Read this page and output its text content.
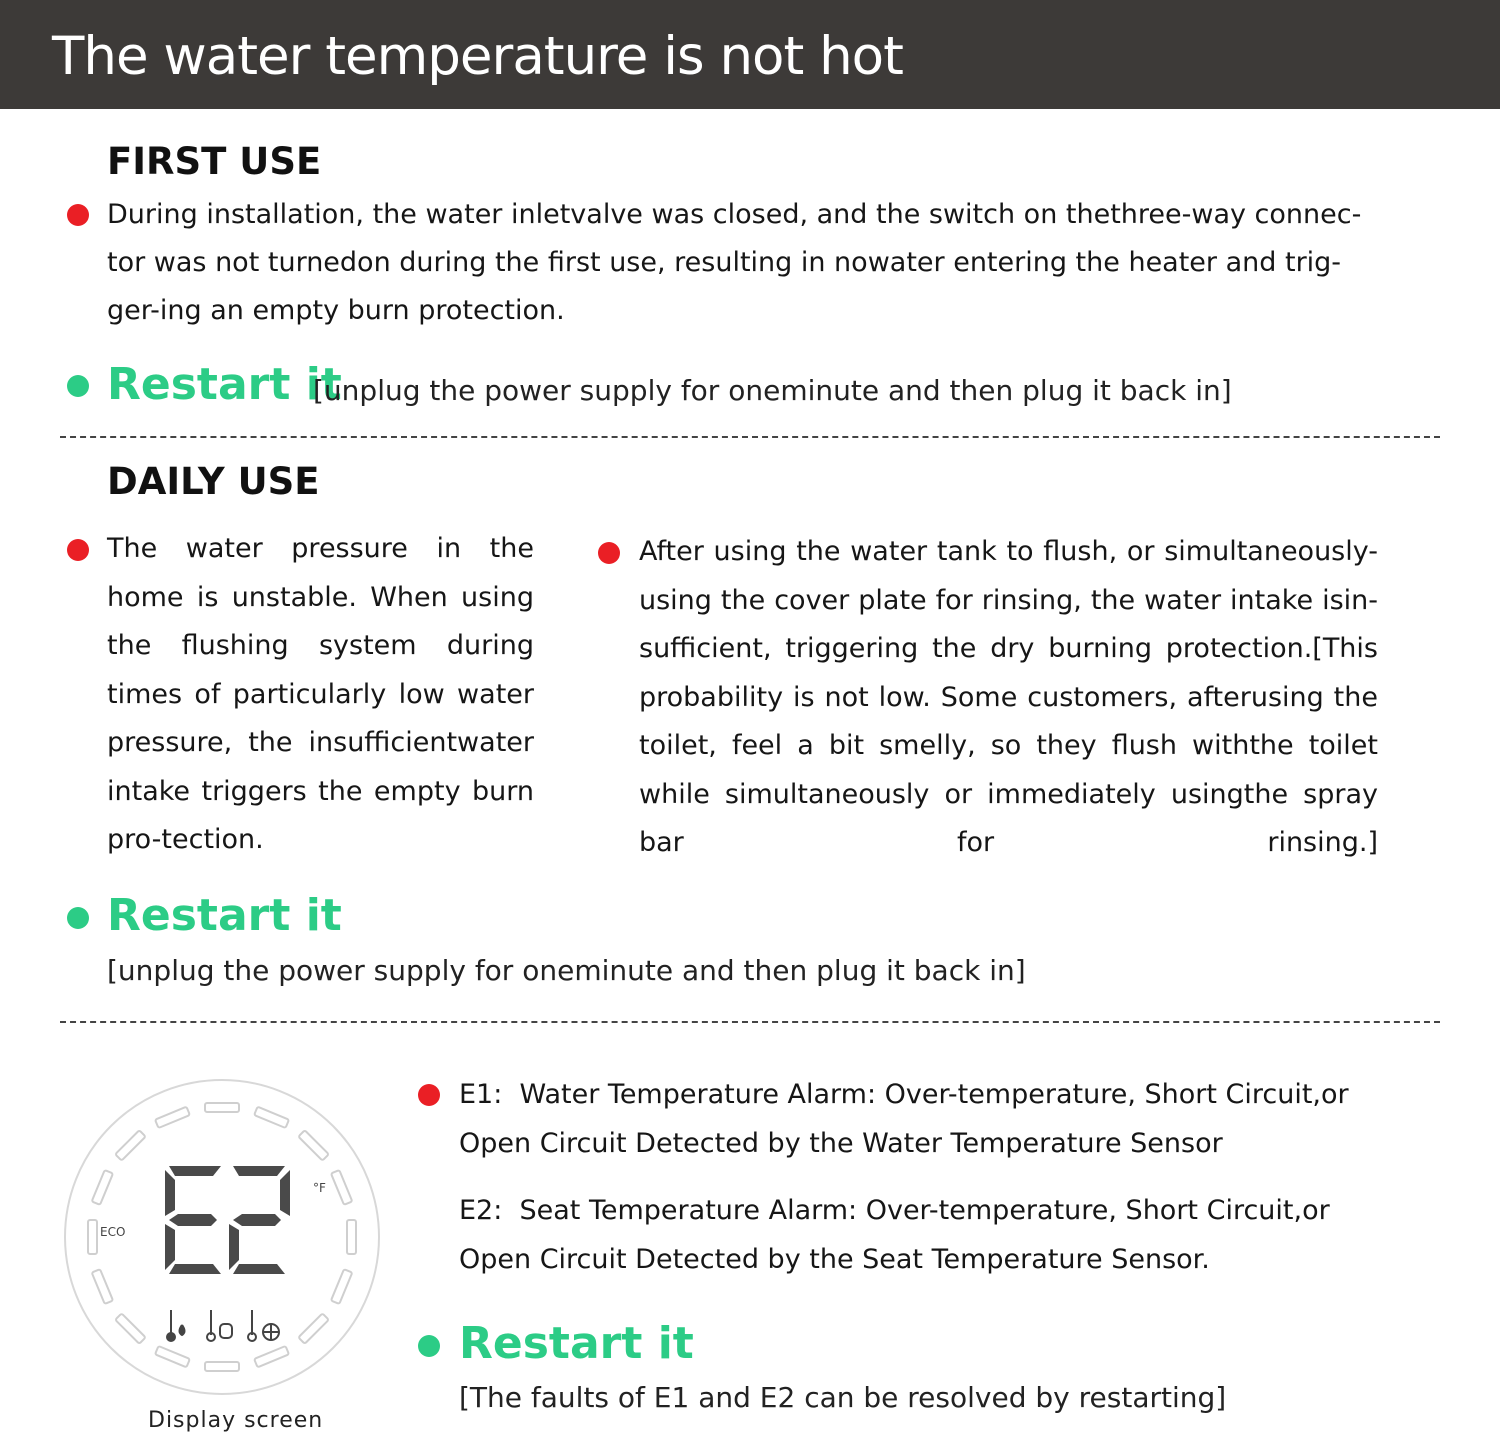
The water temperature is not hot
FIRST USE

During installation, the water inletvalve was closed, and the switch on thethree-way connec-

tor was not turnedon during the first use, resulting in nowater entering the heater and trig-

ger-ing an empty burn protection.

Restart it

[unplug the power supply for oneminute and then plug it back in]

DAILY USE

The water pressure in the home is unstable. When using the flushing system during times of particularly low water pressure, the insufficientwater intake triggers the empty burn pro-tection.

After using the water tank to flush, or simultaneously-using the cover plate for rinsing, the water intake isin-sufficient, triggering the dry burning protection.[This probability is not low. Some customers, afterusing the toilet, feel a bit smelly, so they flush withthe toilet while simultaneously or immediately usingthe spray bar for rinsing.]

Restart it

[unplug the power supply for oneminute and then plug it back in]

°F
ECO

Display screen

E1: Water Temperature Alarm: Over-temperature, Short Circuit,or
Open Circuit Detected by the Water Temperature Sensor

E2: Seat Temperature Alarm: Over-temperature, Short Circuit,or
Open Circuit Detected by the Seat Temperature Sensor.

Restart it

[The faults of E1 and E2 can be resolved by restarting]
